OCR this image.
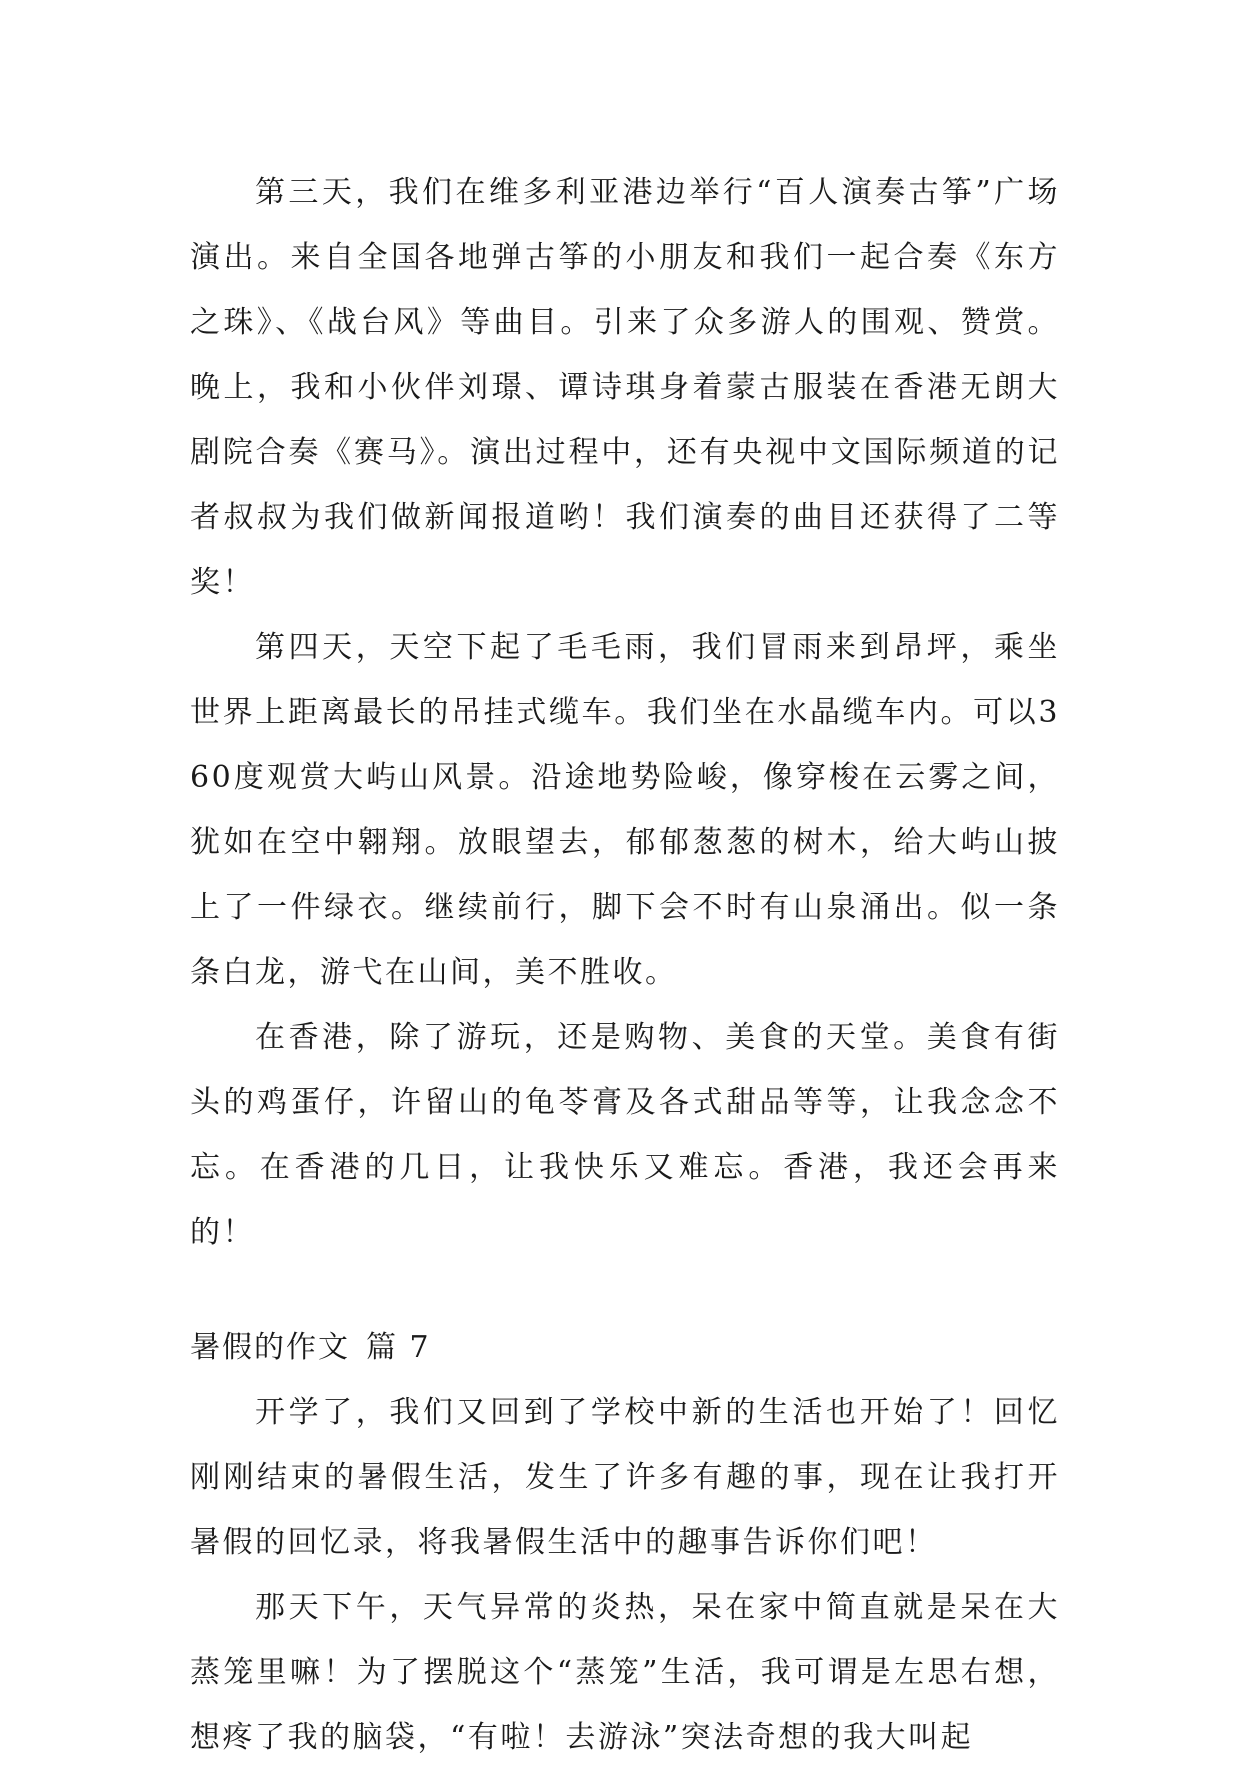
第三天，我们在维多利亚港边举行“百人演奏古筝”广场演出。来自全国各地弹古筝的小朋友和我们一起合奏《东方之珠》、《战台风》等曲目。引来了众多游人的围观、赞赏。晚上，我和小伙伴刘璟、谭诗琪身着蒙古服装在香港无朗大剧院合奏《赛马》。演出过程中，还有央视中文国际频道的记者叔叔为我们做新闻报道哟！我们演奏的曲目还获得了二等奖！

第四天，天空下起了毛毛雨，我们冒雨来到昂坪，乘坐世界上距离最长的吊挂式缆车。我们坐在水晶缆车内。可以360度观赏大屿山风景。沿途地势险峻，像穿梭在云雾之间，犹如在空中翱翔。放眼望去，郁郁葱葱的树木，给大屿山披上了一件绿衣。继续前行，脚下会不时有山泉涌出。似一条条白龙，游弋在山间，美不胜收。

在香港，除了游玩，还是购物、美食的天堂。美食有街头的鸡蛋仔，许留山的龟苓膏及各式甜品等等，让我念念不忘。在香港的几日，让我快乐又难忘。香港，我还会再来的！

暑假的作文 篇 7

开学了，我们又回到了学校中新的生活也开始了！回忆刚刚结束的暑假生活，发生了许多有趣的事，现在让我打开暑假的回忆录，将我暑假生活中的趣事告诉你们吧！

那天下午，天气异常的炎热，呆在家中简直就是呆在大蒸笼里嘛！为了摆脱这个“蒸笼”生活，我可谓是左思右想，想疼了我的脑袋，“有啦！去游泳”突法奇想的我大叫起
